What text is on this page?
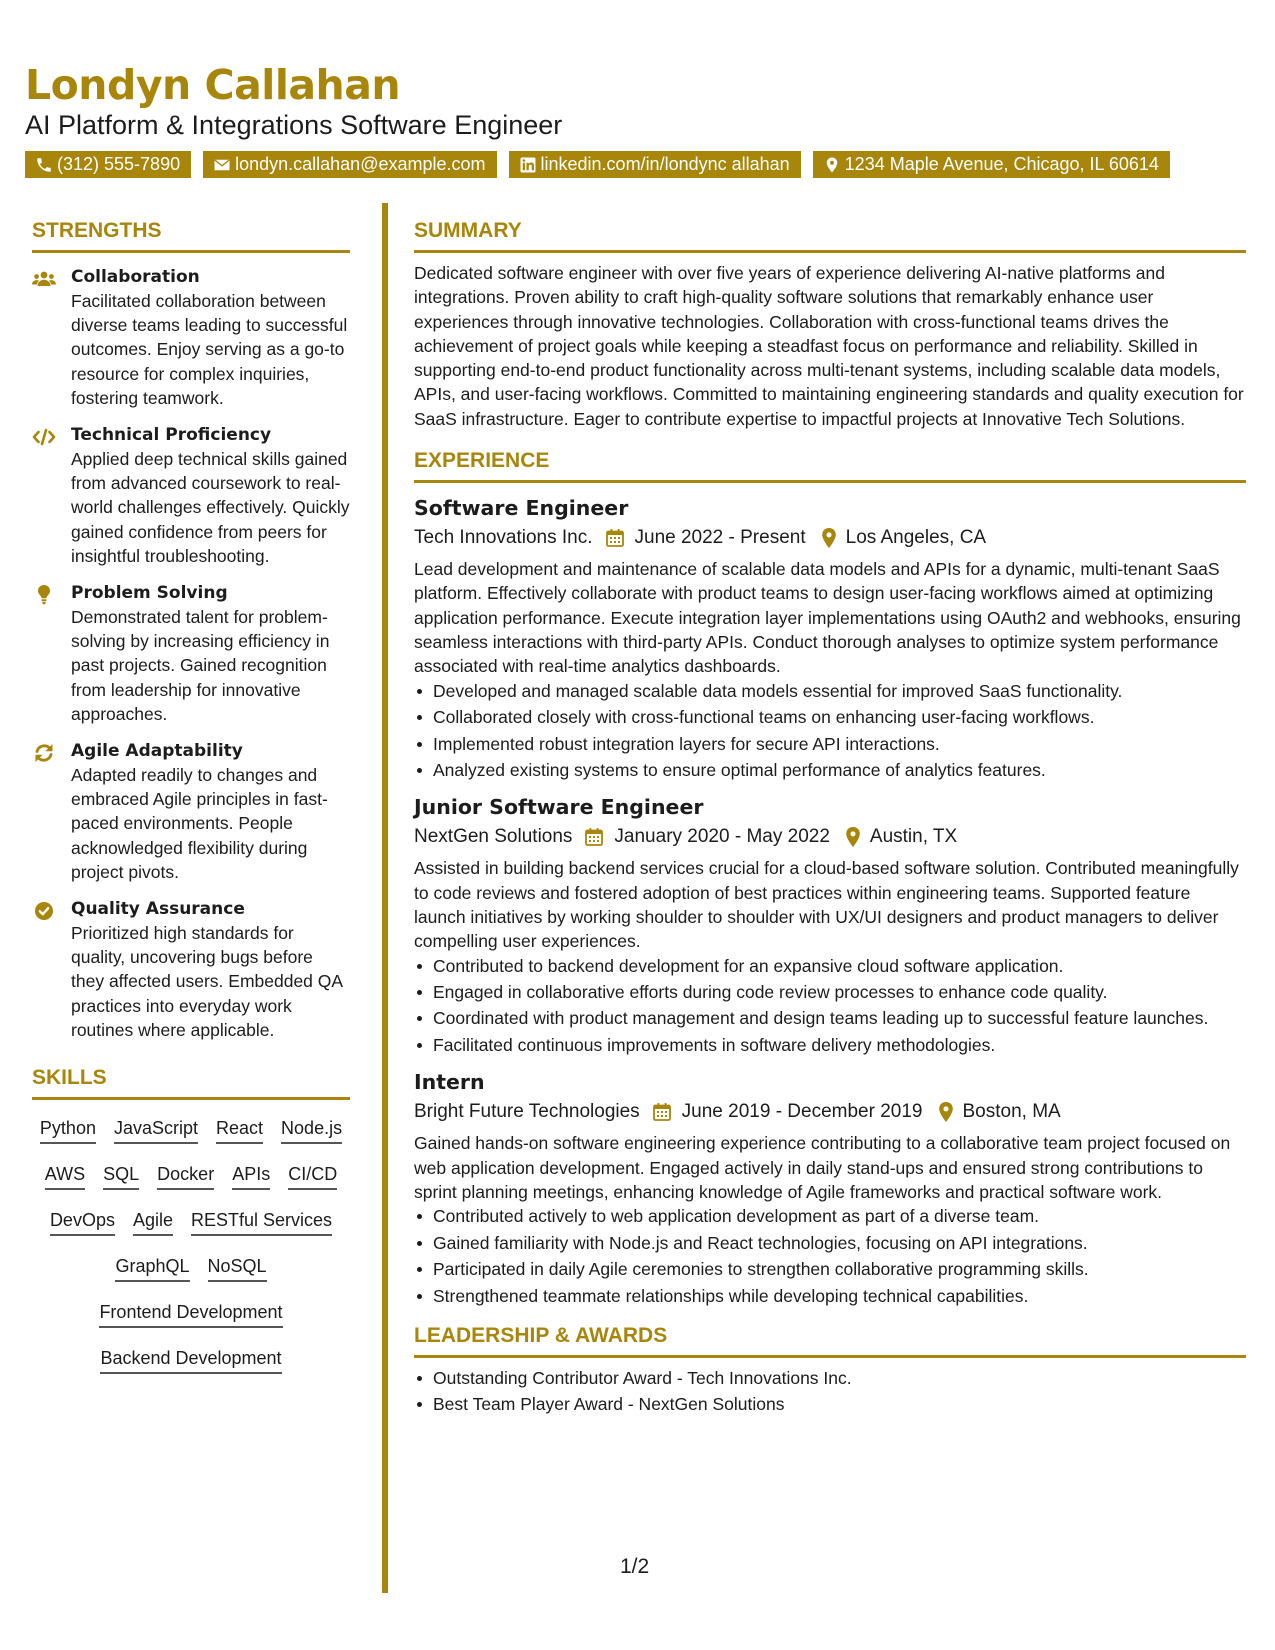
Londyn Callahan
AI Platform & Integrations Software Engineer
(312) 555-7890	londyn.callahan@example.com	linkedin.com/in/londync allahan	1234 Maple Avenue, Chicago, IL 60614
STRENGTHS
Collaboration
Facilitated collaboration between diverse teams leading to successful outcomes. Enjoy serving as a go-to resource for complex inquiries, fostering teamwork.
Technical Proficiency
Applied deep technical skills gained from advanced coursework to real-world challenges effectively. Quickly gained confidence from peers for insightful troubleshooting.
Problem Solving
Demonstrated talent for problem-solving by increasing efficiency in past projects. Gained recognition from leadership for innovative approaches.
Agile Adaptability
Adapted readily to changes and embraced Agile principles in fast-paced environments. People acknowledged flexibility during project pivots.
Quality Assurance
Prioritized high standards for quality, uncovering bugs before they affected users. Embedded QA practices into everyday work routines where applicable.
SKILLS
Python JavaScript React Node.js
AWS SQL Docker APIs CI/CD
DevOps Agile RESTful Services
GraphQL NoSQL
Frontend Development
Backend Development
SUMMARY
Dedicated software engineer with over five years of experience delivering AI-native platforms and integrations. Proven ability to craft high-quality software solutions that remarkably enhance user experiences through innovative technologies. Collaboration with cross-functional teams drives the achievement of project goals while keeping a steadfast focus on performance and reliability. Skilled in supporting end-to-end product functionality across multi-tenant systems, including scalable data models, APIs, and user-facing workflows. Committed to maintaining engineering standards and quality execution for SaaS infrastructure. Eager to contribute expertise to impactful projects at Innovative Tech Solutions.
EXPERIENCE
Software Engineer
Tech Innovations Inc. June 2022 - Present Los Angeles, CA
Lead development and maintenance of scalable data models and APIs for a dynamic, multi-tenant SaaS platform. Effectively collaborate with product teams to design user-facing workflows aimed at optimizing application performance. Execute integration layer implementations using OAuth2 and webhooks, ensuring seamless interactions with third-party APIs. Conduct thorough analyses to optimize system performance associated with real-time analytics dashboards.
Developed and managed scalable data models essential for improved SaaS functionality.
Collaborated closely with cross-functional teams on enhancing user-facing workflows.
Implemented robust integration layers for secure API interactions.
Analyzed existing systems to ensure optimal performance of analytics features.
Junior Software Engineer
NextGen Solutions January 2020 - May 2022 Austin, TX
Assisted in building backend services crucial for a cloud-based software solution. Contributed meaningfully to code reviews and fostered adoption of best practices within engineering teams. Supported feature launch initiatives by working shoulder to shoulder with UX/UI designers and product managers to deliver compelling user experiences.
Contributed to backend development for an expansive cloud software application.
Engaged in collaborative efforts during code review processes to enhance code quality.
Coordinated with product management and design teams leading up to successful feature launches.
Facilitated continuous improvements in software delivery methodologies.
Intern
Bright Future Technologies June 2019 - December 2019 Boston, MA
Gained hands-on software engineering experience contributing to a collaborative team project focused on web application development. Engaged actively in daily stand-ups and ensured strong contributions to sprint planning meetings, enhancing knowledge of Agile frameworks and practical software work.
Contributed actively to web application development as part of a diverse team.
Gained familiarity with Node.js and React technologies, focusing on API integrations.
Participated in daily Agile ceremonies to strengthen collaborative programming skills.
Strengthened teammate relationships while developing technical capabilities.
LEADERSHIP & AWARDS
Outstanding Contributor Award - Tech Innovations Inc.
Best Team Player Award - NextGen Solutions
1/2
